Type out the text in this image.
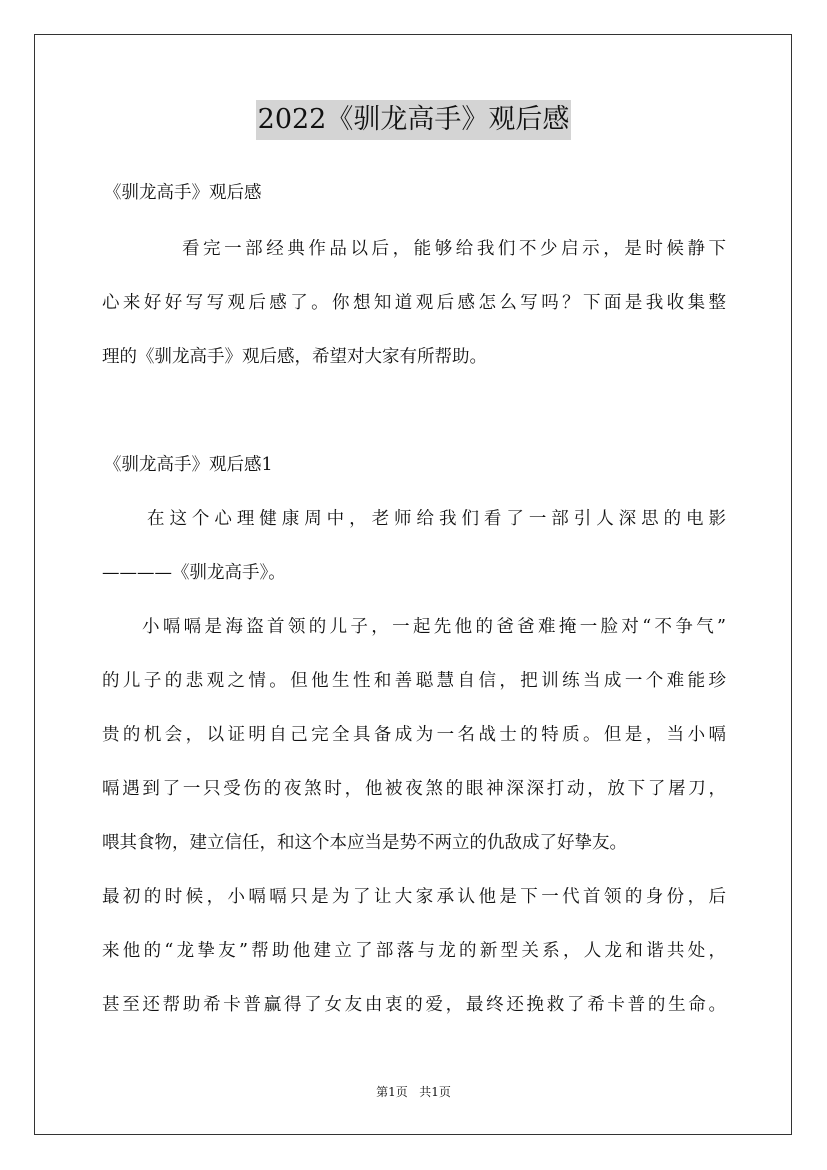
2022《驯龙高手》观后感
《驯龙高手》观后感
看完一部经典作品以后，能够给我们不少启示，是时候静下
心来好好写写观后感了。你想知道观后感怎么写吗？下面是我收集整
理的《驯龙高手》观后感，希望对大家有所帮助。
《驯龙高手》观后感1
在这个心理健康周中，老师给我们看了一部引人深思的电影
————《驯龙高手》。
小嗝嗝是海盗首领的儿子，一起先他的爸爸难掩一脸对“不争气”
的儿子的悲观之情。但他生性和善聪慧自信，把训练当成一个难能珍
贵的机会，以证明自己完全具备成为一名战士的特质。但是，当小嗝
嗝遇到了一只受伤的夜煞时，他被夜煞的眼神深深打动，放下了屠刀，
喂其食物，建立信任，和这个本应当是势不两立的仇敌成了好挚友。
最初的时候，小嗝嗝只是为了让大家承认他是下一代首领的身份，后
来他的“龙挚友”帮助他建立了部落与龙的新型关系，人龙和谐共处，
甚至还帮助希卡普赢得了女友由衷的爱，最终还挽救了希卡普的生命。
第1页   共1页
